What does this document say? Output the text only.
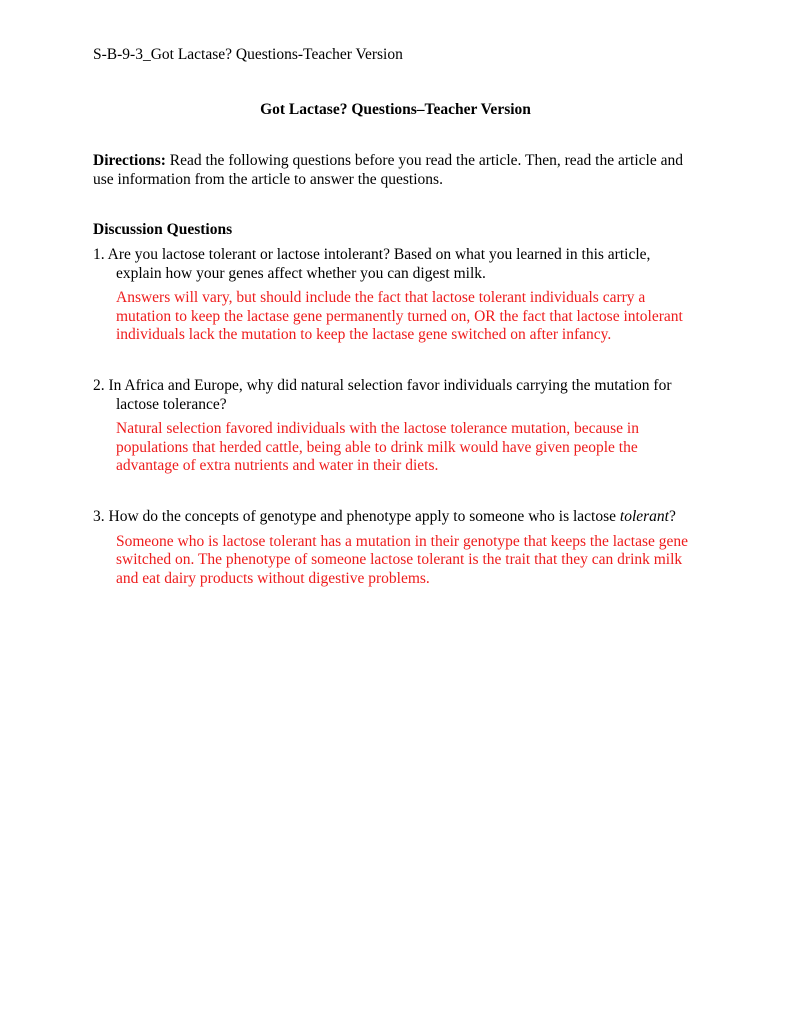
S-B-9-3_Got Lactase? Questions-Teacher Version
Got Lactase? Questions–Teacher Version
Directions: Read the following questions before you read the article. Then, read the article and use information from the article to answer the questions.
Discussion Questions
1. Are you lactose tolerant or lactose intolerant? Based on what you learned in this article, explain how your genes affect whether you can digest milk.
Answers will vary, but should include the fact that lactose tolerant individuals carry a mutation to keep the lactase gene permanently turned on, OR the fact that lactose intolerant individuals lack the mutation to keep the lactase gene switched on after infancy.
2. In Africa and Europe, why did natural selection favor individuals carrying the mutation for lactose tolerance?
Natural selection favored individuals with the lactose tolerance mutation, because in populations that herded cattle, being able to drink milk would have given people the advantage of extra nutrients and water in their diets.
3. How do the concepts of genotype and phenotype apply to someone who is lactose tolerant?
Someone who is lactose tolerant has a mutation in their genotype that keeps the lactase gene switched on. The phenotype of someone lactose tolerant is the trait that they can drink milk and eat dairy products without digestive problems.
